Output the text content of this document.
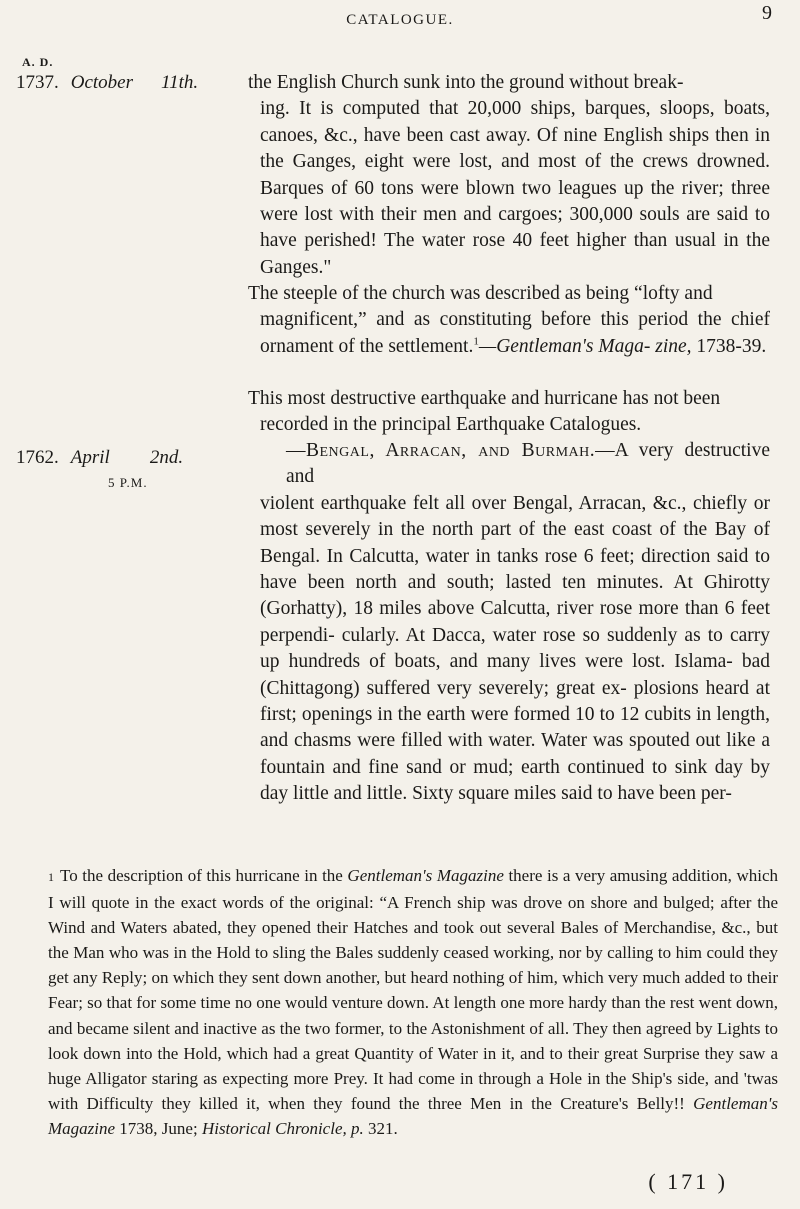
CATALOGUE.	9
A. D.
1737. October 11th.	the English Church sunk into the ground without break-
ing. It is computed that 20,000 ships, barques, sloops, boats, canoes, &c., have been cast away. Of nine English ships then in the Ganges, eight were lost, and most of the crews drowned. Barques of 60 tons were blown two leagues up the river; three were lost with their men and cargoes; 300,000 souls are said to have perished! The water rose 40 feet higher than usual in the Ganges."
The steeple of the church was described as being “lofty and
magnificent,” and as constituting before this period the chief ornament of the settlement.$^1$—Gentleman's Maga- zine, 1738-39.
This most destructive earthquake and hurricane has not been
recorded in the principal Earthquake Catalogues.
1762. April 2nd.
5 P.M.
—Bengal, Arracan, and Burmah.—A very destructive and
violent earthquake felt all over Bengal, Arracan, &c., chiefly or most severely in the north part of the east coast of the Bay of Bengal. In Calcutta, water in tanks rose 6 feet; direction said to have been north and south; lasted ten minutes. At Ghirotty (Gorhatty), 18 miles above Calcutta, river rose more than 6 feet perpendi- cularly. At Dacca, water rose so suddenly as to carry up hundreds of boats, and many lives were lost. Islama- bad (Chittagong) suffered very severely; great ex- plosions heard at first; openings in the earth were formed 10 to 12 cubits in length, and chasms were filled with water. Water was spouted out like a fountain and fine sand or mud; earth continued to sink day by day little and little. Sixty square miles said to have been per-
1 To the description of this hurricane in the Gentleman's Magazine there is a very amusing addition, which I will quote in the exact words of the original: “A French ship was drove on shore and bulged; after the Wind and Waters abated, they opened their Hatches and took out several Bales of Merchandise, &c., but the Man who was in the Hold to sling the Bales suddenly ceased working, nor by calling to him could they get any Reply; on which they sent down another, but heard nothing of him, which very much added to their Fear; so that for some time no one would venture down. At length one more hardy than the rest went down, and became silent and inactive as the two former, to the Astonishment of all. They then agreed by Lights to look down into the Hold, which had a great Quantity of Water in it, and to their great Surprise they saw a huge Alligator staring as expecting more Prey. It had come in through a Hole in the Ship's side, and 'twas with Difficulty they killed it, when they found the three Men in the Creature's Belly!! Gentleman's Magazine 1738, June; Historical Chronicle, p. 321.
( 171 )
